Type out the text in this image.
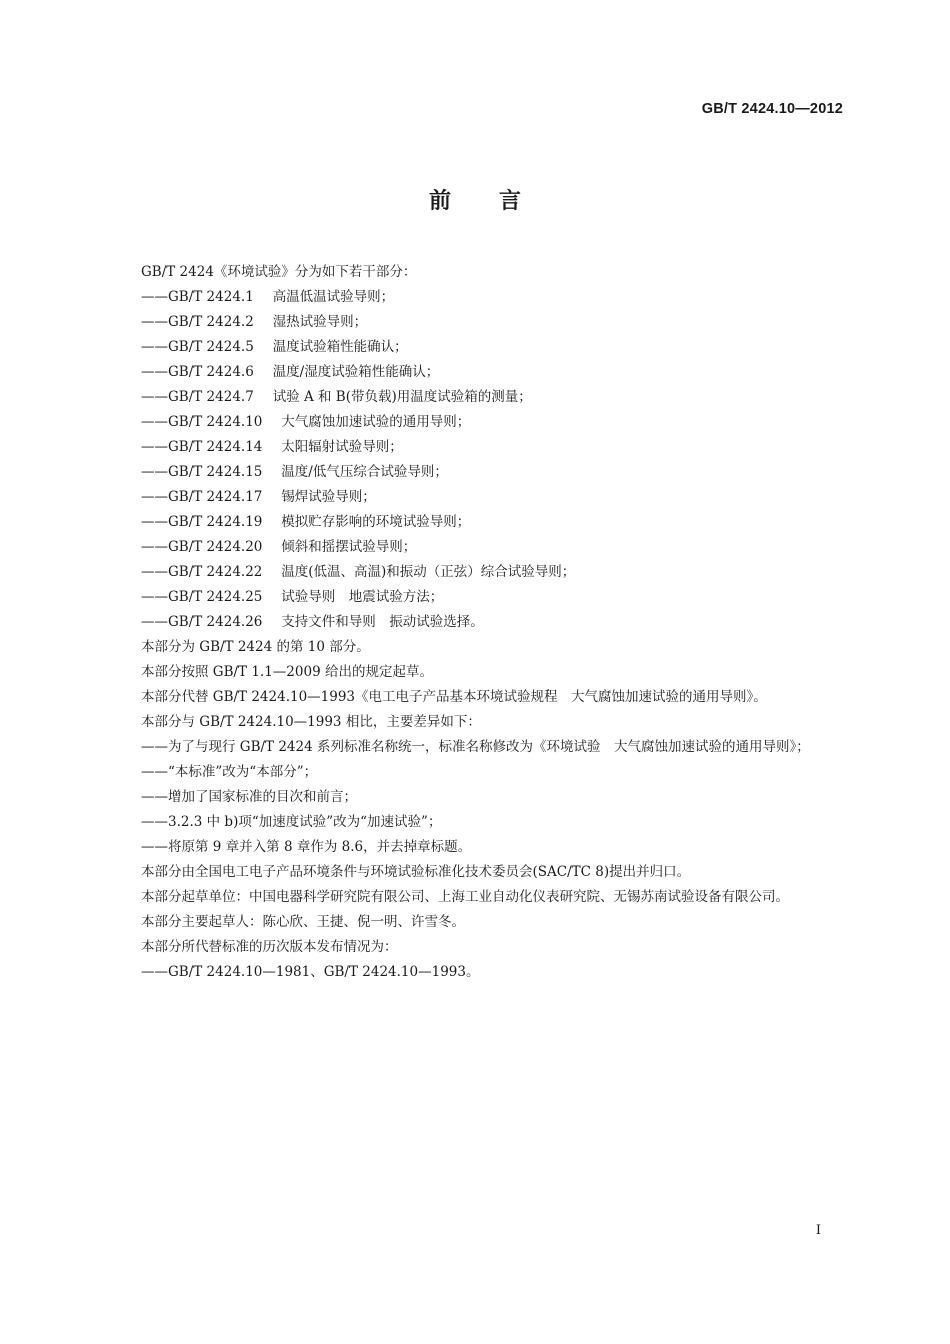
GB/T 2424.10—2012
前言

GB/T 2424《环境试验》分为如下若干部分：

——GB/T 2424.1 高温低温试验导则；

——GB/T 2424.2 湿热试验导则；

——GB/T 2424.5 温度试验箱性能确认；

——GB/T 2424.6 温度/湿度试验箱性能确认；

——GB/T 2424.7 试验 A 和 B(带负载)用温度试验箱的测量；

——GB/T 2424.10 大气腐蚀加速试验的通用导则；

——GB/T 2424.14 太阳辐射试验导则；

——GB/T 2424.15 温度/低气压综合试验导则；

——GB/T 2424.17 锡焊试验导则；

——GB/T 2424.19 模拟贮存影响的环境试验导则；

——GB/T 2424.20 倾斜和摇摆试验导则；

——GB/T 2424.22 温度(低温、高温)和振动（正弦）综合试验导则；

——GB/T 2424.25 试验导则　地震试验方法；

——GB/T 2424.26 支持文件和导则　振动试验选择。

本部分为 GB/T 2424 的第 10 部分。

本部分按照 GB/T 1.1—2009 给出的规定起草。

本部分代替 GB/T 2424.10—1993《电工电子产品基本环境试验规程　大气腐蚀加速试验的通用导则》。

本部分与 GB/T 2424.10—1993 相比，主要差异如下：

——为了与现行 GB/T 2424 系列标准名称统一，标准名称修改为《环境试验　大气腐蚀加速试验的通用导则》；

——“本标准”改为“本部分”；

——增加了国家标准的目次和前言；

——3.2.3 中 b)项“加速度试验”改为“加速试验”；

——将原第 9 章并入第 8 章作为 8.6，并去掉章标题。

本部分由全国电工电子产品环境条件与环境试验标准化技术委员会(SAC/TC 8)提出并归口。

本部分起草单位：中国电器科学研究院有限公司、上海工业自动化仪表研究院、无锡苏南试验设备有限公司。

本部分主要起草人：陈心欣、王捷、倪一明、许雪冬。

本部分所代替标准的历次版本发布情况为：

——GB/T 2424.10—1981、GB/T 2424.10—1993。

I
